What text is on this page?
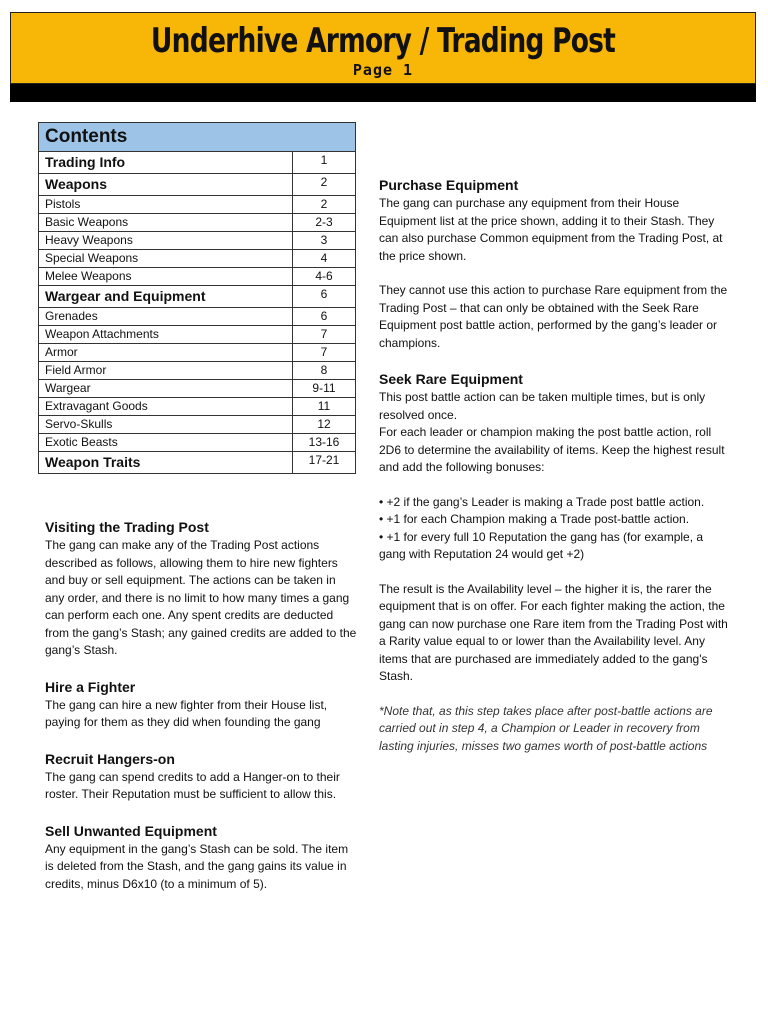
Underhive Armory / Trading Post
Page 1
Contents	
Trading Info	1
Weapons	2
Pistols	2
Basic Weapons	2-3
Heavy Weapons	3
Special Weapons	4
Melee Weapons	4-6
Wargear and Equipment	6
Grenades	6
Weapon Attachments	7
Armor	7
Field Armor	8
Wargear	9-11
Extravagant Goods	11
Servo-Skulls	12
Exotic Beasts	13-16
Weapon Traits	17-21
Visiting the Trading Post

The gang can make any of the Trading Post actions described as follows, allowing them to hire new fighters and buy or sell equipment. The actions can be taken in any order, and there is no limit to how many times a gang can perform each one. Any spent credits are deducted from the gang’s Stash; any gained credits are added to the gang’s Stash.

Hire a Fighter

The gang can hire a new fighter from their House list, paying for them as they did when founding the gang

Recruit Hangers-on

The gang can spend credits to add a Hanger-on to their roster. Their Reputation must be sufficient to allow this.

Sell Unwanted Equipment

Any equipment in the gang’s Stash can be sold. The item is deleted from the Stash, and the gang gains its value in credits, minus D6x10 (to a minimum of 5).

Purchase Equipment

The gang can purchase any equipment from their House Equipment list at the price shown, adding it to their Stash. They can also purchase Common equipment from the Trading Post, at the price shown.

They cannot use this action to purchase Rare equipment from the Trading Post – that can only be obtained with the Seek Rare Equipment post battle action, performed by the gang’s leader or champions.

Seek Rare Equipment

This post battle action can be taken multiple times, but is only resolved once.

For each leader or champion making the post battle action, roll 2D6 to determine the availability of items. Keep the highest result and add the following bonuses:

• +2 if the gang’s Leader is making a Trade post battle action.

• +1 for each Champion making a Trade post-battle action.

• +1 for every full 10 Reputation the gang has (for example, a gang with Reputation 24 would get +2)

The result is the Availability level – the higher it is, the rarer the equipment that is on offer. For each fighter making the action, the gang can now purchase one Rare item from the Trading Post with a Rarity value equal to or lower than the Availability level. Any items that are purchased are immediately added to the gang's Stash.

*Note that, as this step takes place after post-battle actions are carried out in step 4, a Champion or Leader in recovery from lasting injuries, misses two games worth of post-battle actions
